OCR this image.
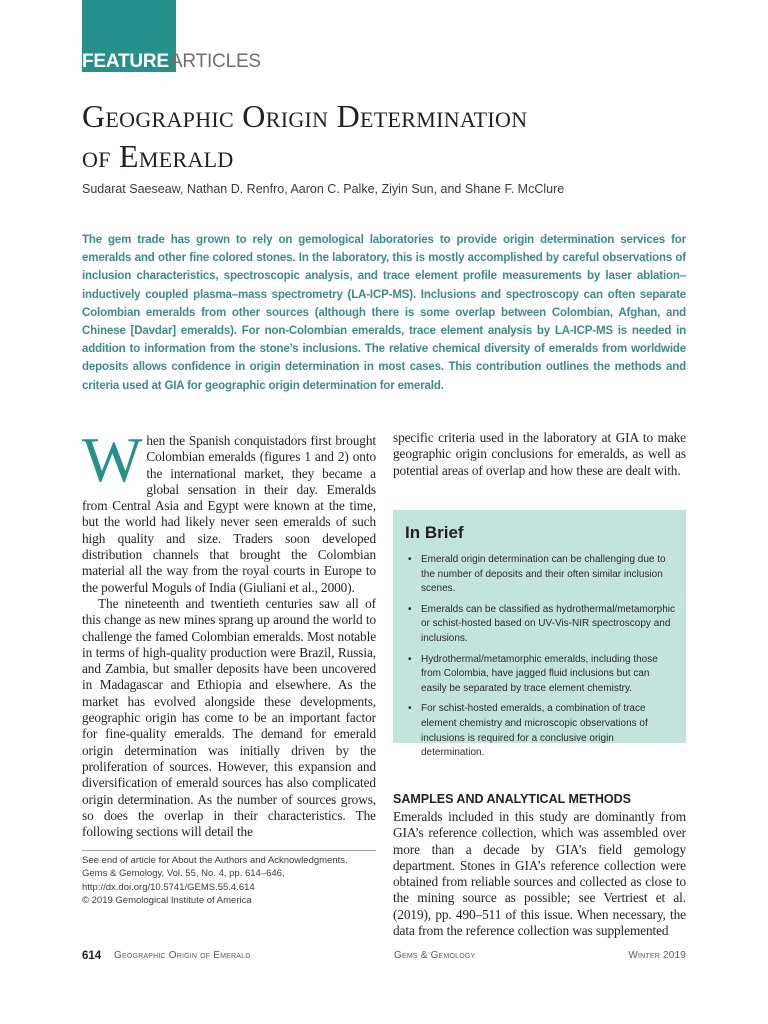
FEATUREARTICLES
Geographic Origin Determination
of Emerald
Sudarat Saeseaw, Nathan D. Renfro, Aaron C. Palke, Ziyin Sun, and Shane F. McClure

The gem trade has grown to rely on gemological laboratories to provide origin determination services for emeralds and other fine colored stones. In the laboratory, this is mostly accomplished by careful observations of inclusion characteristics, spectroscopic analysis, and trace element profile measurements by laser ablation–inductively coupled plasma–mass spectrometry (LA-ICP-MS). Inclusions and spectroscopy can often separate Colombian emeralds from other sources (although there is some overlap between Colombian, Afghan, and Chinese [Davdar] emeralds). For non-Colombian emeralds, trace element analysis by LA-ICP-MS is needed in addition to information from the stone’s inclusions. The relative chemical diversity of emeralds from worldwide deposits allows confidence in origin determination in most cases. This contribution outlines the methods and criteria used at GIA for geographic origin determination for emerald.

When the Spanish conquistadors first brought Colombian emeralds (figures 1 and 2) onto the international market, they became a global sensation in their day. Emeralds from Central Asia and Egypt were known at the time, but the world had likely never seen emeralds of such high quality and size. Traders soon developed distribution channels that brought the Colombian material all the way from the royal courts in Europe to the powerful Moguls of India (Giuliani et al., 2000).

The nineteenth and twentieth centuries saw all of this change as new mines sprang up around the world to challenge the famed Colombian emeralds. Most notable in terms of high-quality production were Brazil, Russia, and Zambia, but smaller deposits have been uncovered in Madagascar and Ethiopia and elsewhere. As the market has evolved alongside these developments, geographic origin has come to be an important factor for fine-quality emeralds. The demand for emerald origin determination was initially driven by the proliferation of sources. However, this expansion and diversification of emerald sources has also complicated origin determination. As the number of sources grows, so does the overlap in their characteristics. The following sections will detail the

See end of article for About the Authors and Acknowledgments.
Gems & Gemology, Vol. 55, No. 4, pp. 614–646,
http://dx.doi.org/10.5741/GEMS.55.4.614
© 2019 Gemological Institute of America

specific criteria used in the laboratory at GIA to make geographic origin conclusions for emeralds, as well as potential areas of overlap and how these are dealt with.

In Brief
• Emerald origin determination can be challenging due to the number of deposits and their often similar inclusion scenes.
• Emeralds can be classified as hydrothermal/metamorphic or schist-hosted based on UV-Vis-NIR spectroscopy and inclusions.
• Hydrothermal/metamorphic emeralds, including those from Colombia, have jagged fluid inclusions but can easily be separated by trace element chemistry.
• For schist-hosted emeralds, a combination of trace element chemistry and microscopic observations of inclusions is required for a conclusive origin determination.
SAMPLES AND ANALYTICAL METHODS

Emeralds included in this study are dominantly from GIA’s reference collection, which was assembled over more than a decade by GIA’s field gemology department. Stones in GIA’s reference collection were obtained from reliable sources and collected as close to the mining source as possible; see Vertriest et al. (2019), pp. 490–511 of this issue. When necessary, the data from the reference collection was supplemented

614 Geographic Origin of Emerald	Gems & Gemology	Winter 2019
